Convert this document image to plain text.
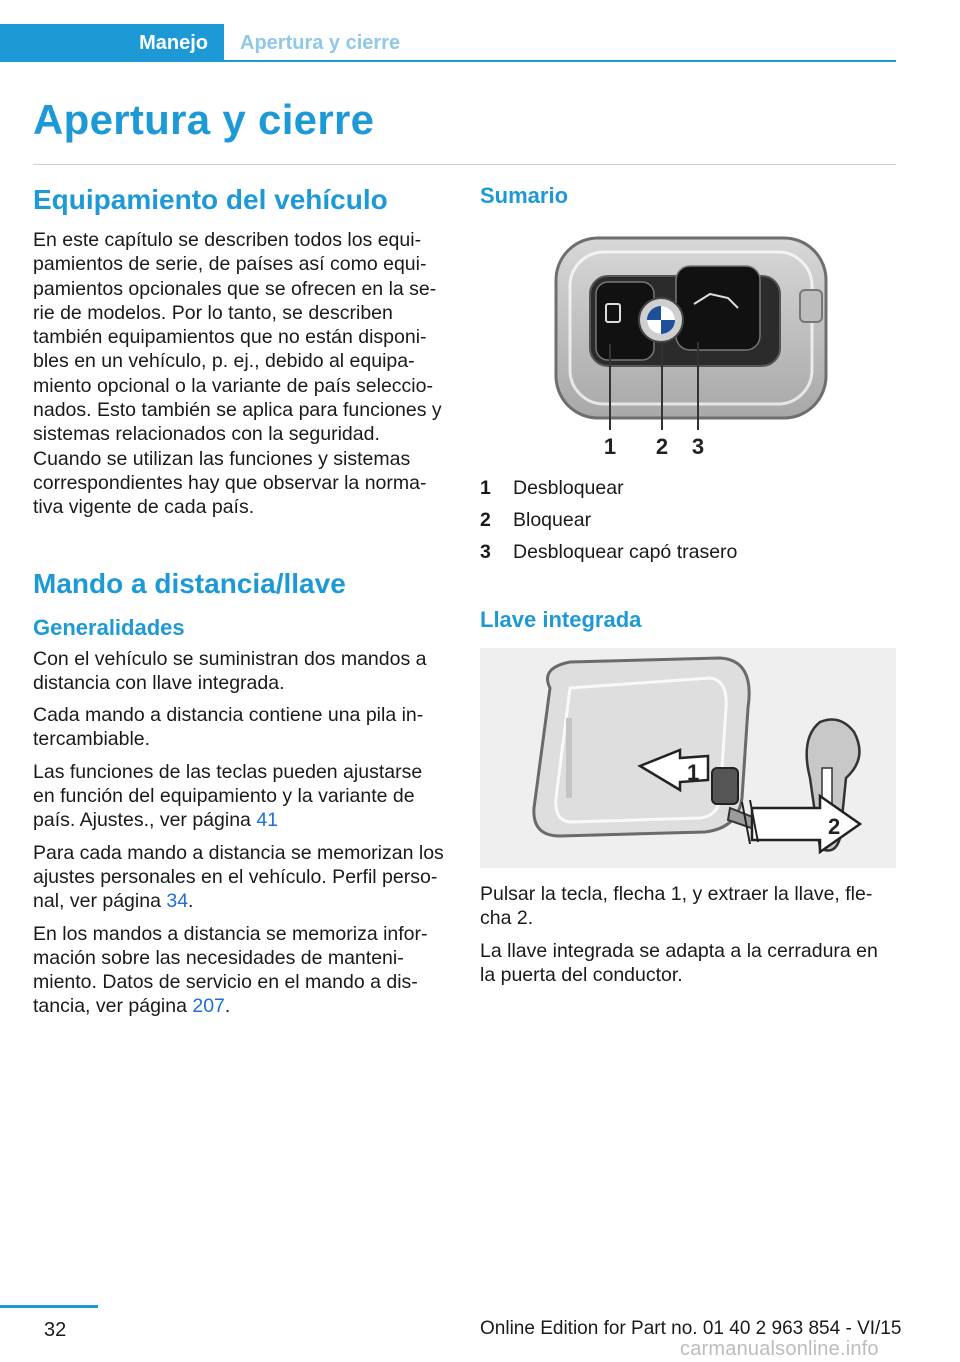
Manejo Apertura y cierre
Apertura y cierre
Equipamiento del vehículo

En este capítulo se describen todos los equipamientos de serie, de países así como equipamientos opcionales que se ofrecen en la serie de modelos. Por lo tanto, se describen también equipamientos que no están disponibles en un vehículo, p. ej., debido al equipamiento opcional o la variante de país seleccionados. Esto también se aplica para funciones y sistemas relacionados con la seguridad.

Cuando se utilizan las funciones y sistemas correspondientes hay que observar la normativa vigente de cada país.

Mando a distancia/llave
Generalidades

Con el vehículo se suministran dos mandos a distancia con llave integrada.

Cada mando a distancia contiene una pila intercambiable.

Las funciones de las teclas pueden ajustarse en función del equipamiento y la variante de país. Ajustes., ver página 41

Para cada mando a distancia se memorizan los ajustes personales en el vehículo. Perfil personal, ver página 34.

En los mandos a distancia se memoriza información sobre las necesidades de mantenimiento. Datos de servicio en el mando a distancia, ver página 207.

Sumario
1 2 3
1	Desbloquear
2	Bloquear
3	Desbloquear capó trasero
Llave integrada
1
2

Pulsar la tecla, flecha 1, y extraer la llave, flecha 2.

La llave integrada se adapta a la cerradura en la puerta del conductor.

32	Online Edition for Part no. 01 40 2 963 854 - VI/15
carmanualsonline.info
